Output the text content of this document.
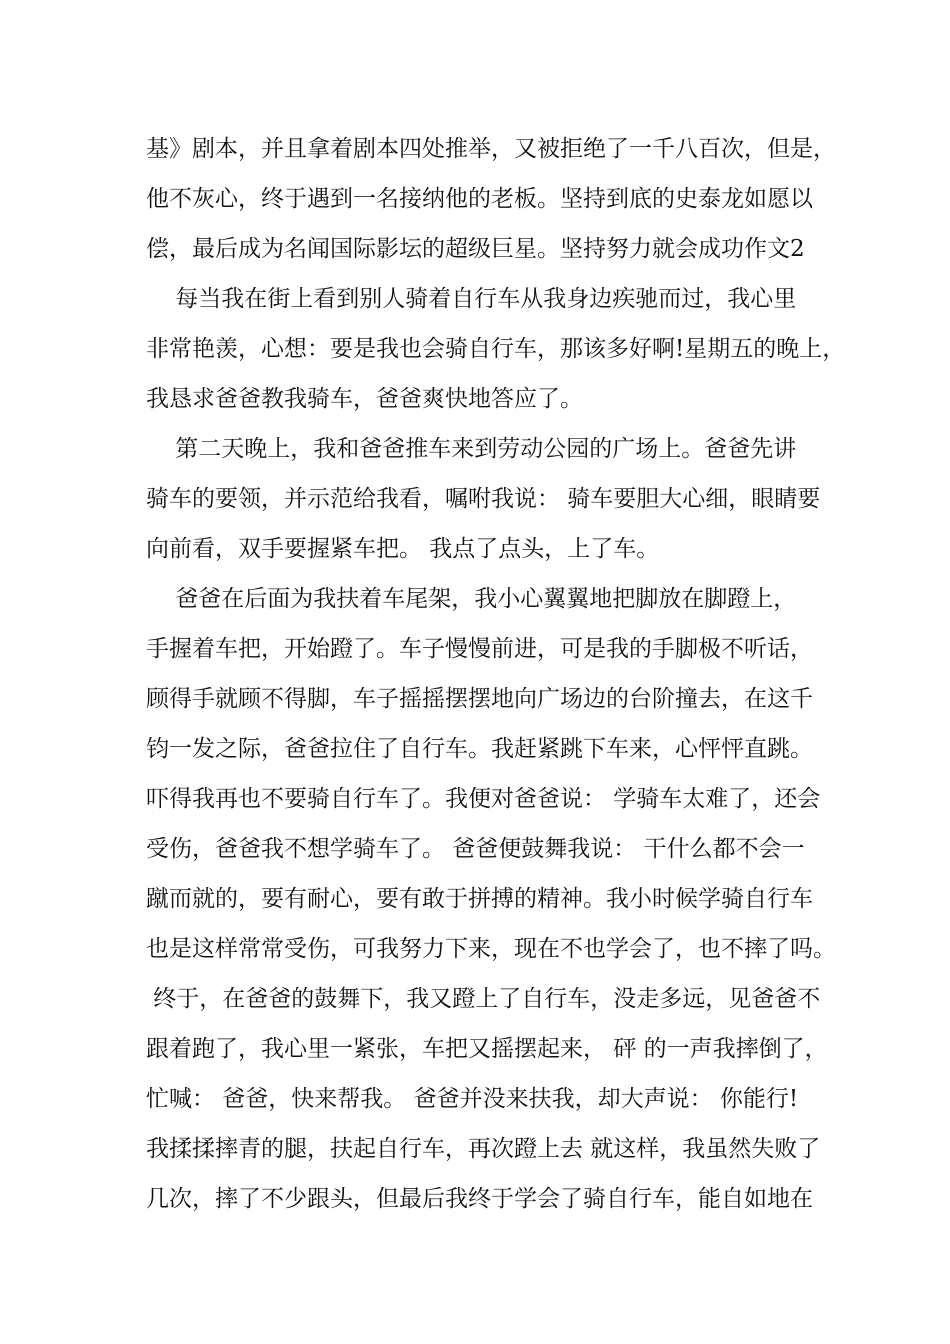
基》剧本，并且拿着剧本四处推举，又被拒绝了一千八百次，但是，
他不灰心，终于遇到一名接纳他的老板。坚持到底的史泰龙如愿以
偿，最后成为名闻国际影坛的超级巨星。坚持努力就会成功作文2
每当我在街上看到别人骑着自行车从我身边疾驰而过，我心里
非常艳羡，心想：要是我也会骑自行车，那该多好啊!星期五的晚上，
我恳求爸爸教我骑车，爸爸爽快地答应了。
第二天晚上，我和爸爸推车来到劳动公园的广场上。爸爸先讲
骑车的要领，并示范给我看，嘱咐我说： 骑车要胆大心细，眼睛要
向前看，双手要握紧车把。 我点了点头，上了车。
爸爸在后面为我扶着车尾架，我小心翼翼地把脚放在脚蹬上，
手握着车把，开始蹬了。车子慢慢前进，可是我的手脚极不听话，
顾得手就顾不得脚，车子摇摇摆摆地向广场边的台阶撞去，在这千
钧一发之际，爸爸拉住了自行车。我赶紧跳下车来，心怦怦直跳。
吓得我再也不要骑自行车了。我便对爸爸说： 学骑车太难了，还会
受伤，爸爸我不想学骑车了。 爸爸便鼓舞我说： 干什么都不会一
蹴而就的，要有耐心，要有敢于拼搏的精神。我小时候学骑自行车
也是这样常常受伤，可我努力下来，现在不也学会了，也不摔了吗。
终于，在爸爸的鼓舞下，我又蹬上了自行车，没走多远，见爸爸不
跟着跑了，我心里一紧张，车把又摇摆起来， 砰 的一声我摔倒了，
忙喊： 爸爸，快来帮我。 爸爸并没来扶我，却大声说： 你能行!
我揉揉摔青的腿，扶起自行车，再次蹬上去 就这样，我虽然失败了
几次，摔了不少跟头，但最后我终于学会了骑自行车，能自如地在
